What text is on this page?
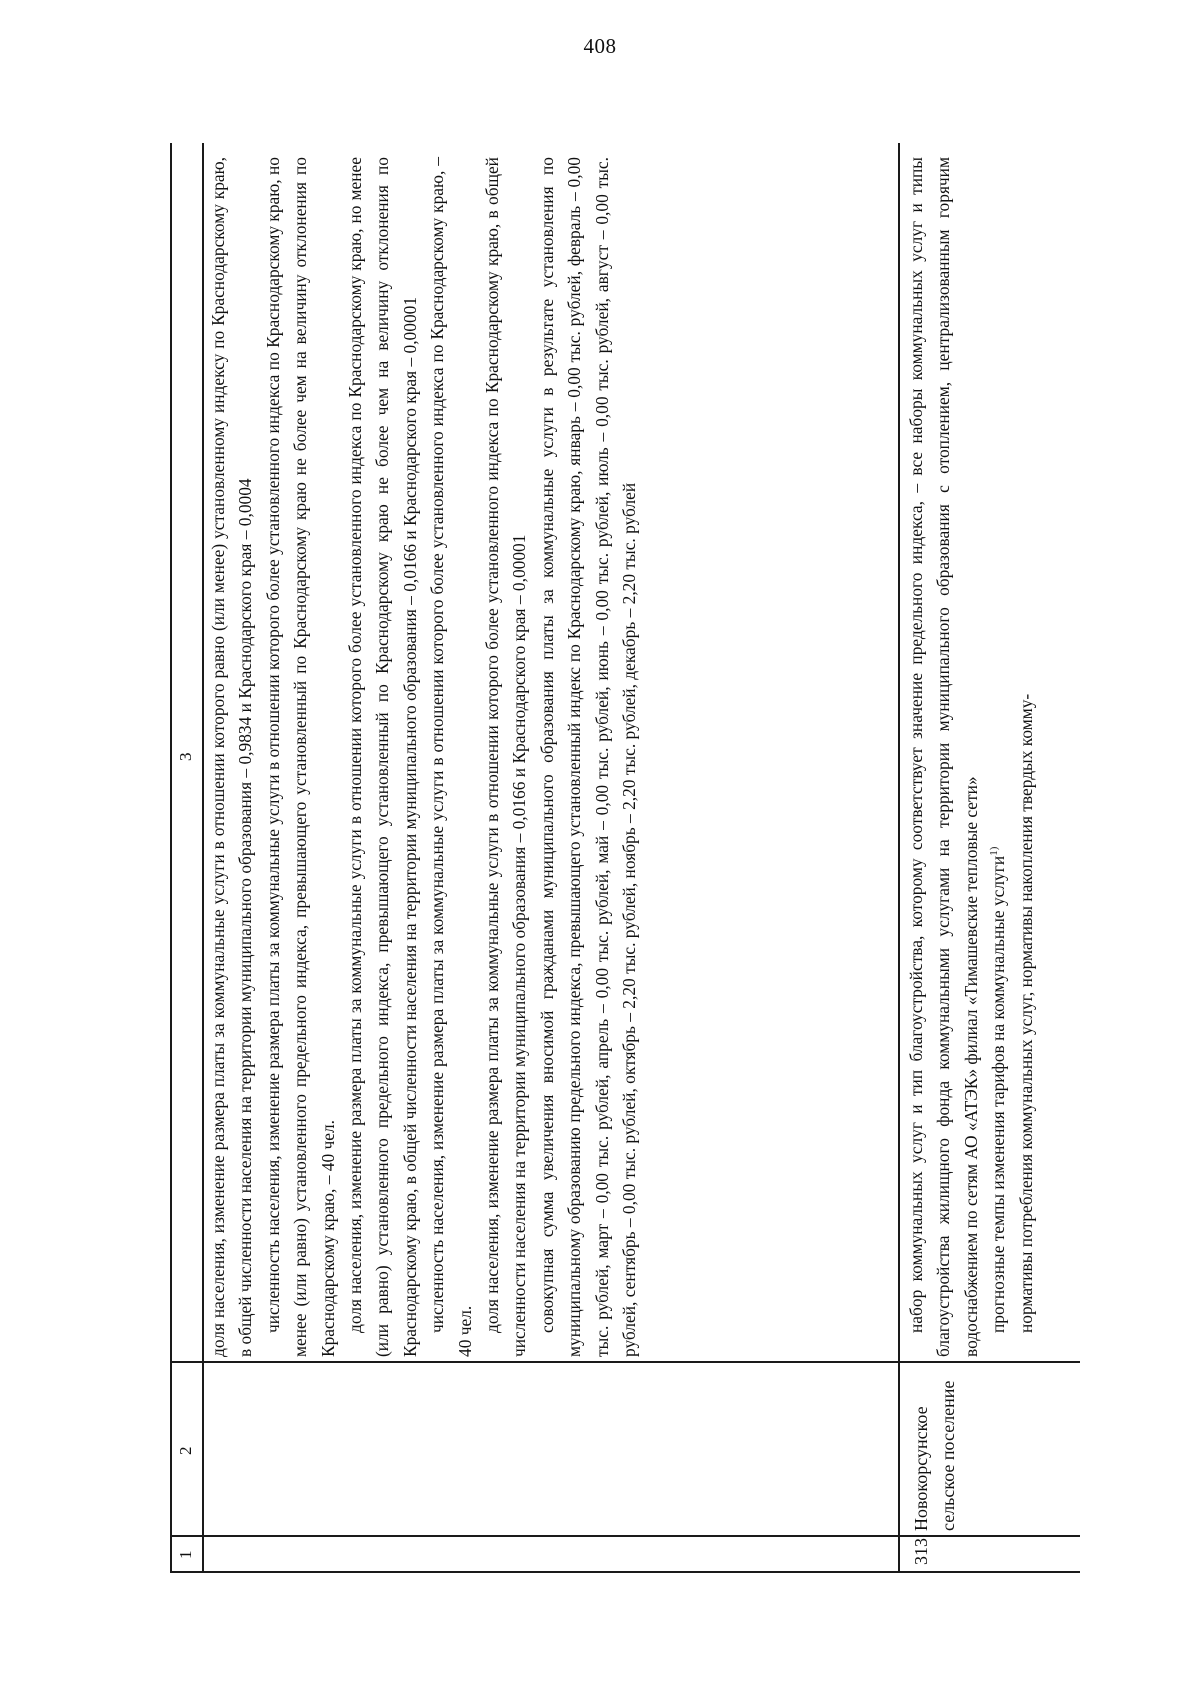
408
1
2
3 доля населения, изменение размера платы за коммунальные услуги в отношении которого равно (или менее) установленному индексу по Краснодарскому краю, в общей численности населения на территории муниципального образования – 0,9834 и Краснодарского края – 0,0004 численность населения, изменение размера платы за коммунальные услуги в отношении которого более установленного индекса по Краснодарскому краю, но менее (или равно) установленного предельного индекса, превышающего установленный по Краснодарскому краю не более чем на величину отклонения по Краснодарскому краю, – 40 чел. доля населения, изменение размера платы за коммунальные услуги в отношении которого более установленного индекса по Краснодарскому краю, но менее (или равно) установленного предельного индекса, превышающего установленный по Краснодарскому краю не более чем на величину отклонения по Краснодарскому краю, в общей численности населения на территории муниципального образования – 0,0166 и Краснодарского края – 0,00001 численность населения, изменение размера платы за коммунальные услуги в отношении которого более установленного индекса по Краснодарскому краю, – 40 чел. доля населения, изменение размера платы за коммунальные услуги в отношении которого более установленного индекса по Краснодарскому краю, в общей численности населения на территории муниципального образования – 0,0166 и Краснодарского края – 0,00001 совокупная сумма увеличения вносимой гражданами муниципального образования платы за коммунальные услуги в результате установления по муниципальному образованию предельного индекса, превышающего установленный индекс по Краснодарскому краю, январь – 0,00 тыс. рублей, февраль – 0,00 тыс. рублей, март – 0,00 тыс. рублей, апрель – 0,00 тыс. рублей, май – 0,00 тыс. рублей, июнь – 0,00 тыс. рублей, июль – 0,00 тыс. рублей, август – 0,00 тыс. рублей, сентябрь – 0,00 тыс. рублей, октябрь – 2,20 тыс. рублей, ноябрь – 2,20 тыс. рублей, декабрь – 2,20 тыс. рублей

313
Новокорсунское сельское поселение

набор коммунальных услуг и тип благоустройства, которому соответствует значение предельного индекса, – все наборы коммунальных услуг и типы благоустройства жилищного фонда коммунальными услугами на территории муниципального образования с отоплением, централизованным горячим водоснабжением по сетям АО «АТЭК» филиал «Тимашевские тепловые сети» прогнозные темпы изменения тарифов на коммунальные услуги$^{1)}$ нормативы потребления коммунальных услуг, нормативы накопления твердых комму-
